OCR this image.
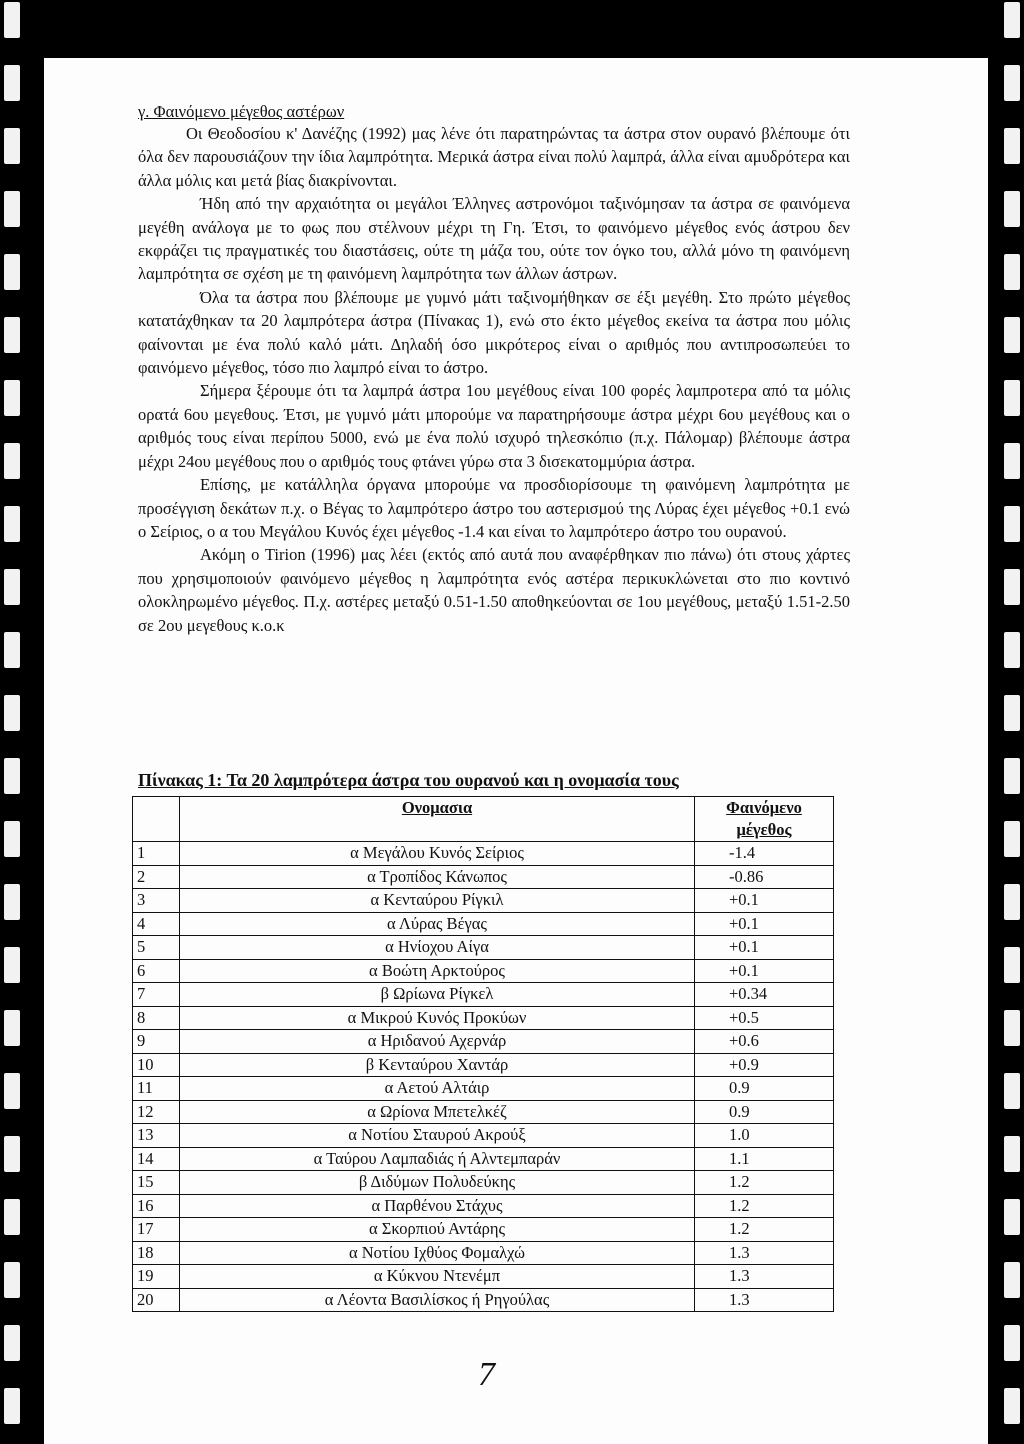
γ. Φαινόμενο μέγεθος αστέρων

Οι Θεοδοσίου κ' Δανέζης (1992) μας λένε ότι παρατηρώντας τα άστρα στον ουρανό βλέπουμε ότι όλα δεν παρουσιάζουν την ίδια λαμπρότητα. Μερικά άστρα είναι πολύ λαμπρά, άλλα είναι αμυδρότερα και άλλα μόλις και μετά βίας διακρίνονται.

Ήδη από την αρχαιότητα οι μεγάλοι Έλληνες αστρονόμοι ταξινόμησαν τα άστρα σε φαινόμενα μεγέθη ανάλογα με το φως που στέλνουν μέχρι τη Γη. Έτσι, το φαινόμενο μέγεθος ενός άστρου δεν εκφράζει τις πραγματικές του διαστάσεις, ούτε τη μάζα του, ούτε τον όγκο του, αλλά μόνο τη φαινόμενη λαμπρότητα σε σχέση με τη φαινόμενη λαμπρότητα των άλλων άστρων.

Όλα τα άστρα που βλέπουμε με γυμνό μάτι ταξινομήθηκαν σε έξι μεγέθη. Στο πρώτο μέγεθος κατατάχθηκαν τα 20 λαμπρότερα άστρα (Πίνακας 1), ενώ στο έκτο μέγεθος εκείνα τα άστρα που μόλις φαίνονται με ένα πολύ καλό μάτι. Δηλαδή όσο μικρότερος είναι ο αριθμός που αντιπροσωπεύει το φαινόμενο μέγεθος, τόσο πιο λαμπρό είναι το άστρο.

Σήμερα ξέρουμε ότι τα λαμπρά άστρα 1ου μεγέθους είναι 100 φορές λαμπροτερα από τα μόλις ορατά 6ου μεγεθους. Έτσι, με γυμνό μάτι μπορούμε να παρατηρήσουμε άστρα μέχρι 6ου μεγέθους και ο αριθμός τους είναι περίπου 5000, ενώ με ένα πολύ ισχυρό τηλεσκόπιο (π.χ. Πάλομαρ) βλέπουμε άστρα μέχρι 24ου μεγέθους που ο αριθμός τους φτάνει γύρω στα 3 δισεκατομμύρια άστρα.

Επίσης, με κατάλληλα όργανα μπορούμε να προσδιορίσουμε τη φαινόμενη λαμπρότητα με προσέγγιση δεκάτων π.χ. ο Βέγας το λαμπρότερο άστρο του αστερισμού της Λύρας έχει μέγεθος +0.1 ενώ ο Σείριος, ο α του Μεγάλου Κυνός έχει μέγεθος -1.4 και είναι το λαμπρότερο άστρο του ουρανού.

Ακόμη ο Tirion (1996) μας λέει (εκτός από αυτά που αναφέρθηκαν πιο πάνω) ότι στους χάρτες που χρησιμοποιούν φαινόμενο μέγεθος η λαμπρότητα ενός αστέρα περικυκλώνεται στο πιο κοντινό ολοκληρωμένο μέγεθος. Π.χ. αστέρες μεταξύ 0.51-1.50 αποθηκεύονται σε 1ου μεγέθους, μεταξύ 1.51-2.50 σε 2ου μεγεθους κ.ο.κ

Πίνακας 1: Τα 20 λαμπρότερα άστρα του ουρανού και η ονομασία τους
	Ονομασια	Φαινόμενο μέγεθος
1	α Μεγάλου Κυνός Σείριος	-1.4
2	α Τροπίδος Κάνωπος	-0.86
3	α Κενταύρου Ρίγκιλ	+0.1
4	α Λύρας Βέγας	+0.1
5	α Ηνίοχου Αίγα	+0.1
6	α Βοώτη Αρκτούρος	+0.1
7	β Ωρίωνα Ρίγκελ	+0.34
8	α Μικρού Κυνός Προκύων	+0.5
9	α Ηριδανού Αχερνάρ	+0.6
10	β Κενταύρου Χαντάρ	+0.9
11	α Αετού Αλτάιρ	0.9
12	α Ωρίονα Μπετελκέζ	0.9
13	α Νοτίου Σταυρού Ακρούξ	1.0
14	α Ταύρου Λαμπαδιάς ή Αλντεμπαράν	1.1
15	β Διδύμων Πολυδεύκης	1.2
16	α Παρθένου Στάχυς	1.2
17	α Σκορπιού Αντάρης	1.2
18	α Νοτίου Ιχθύος Φομαλχώ	1.3
19	α Κύκνου Ντενέμπ	1.3
20	α Λέοντα Βασιλίσκος ή Ρηγούλας	1.3
7
